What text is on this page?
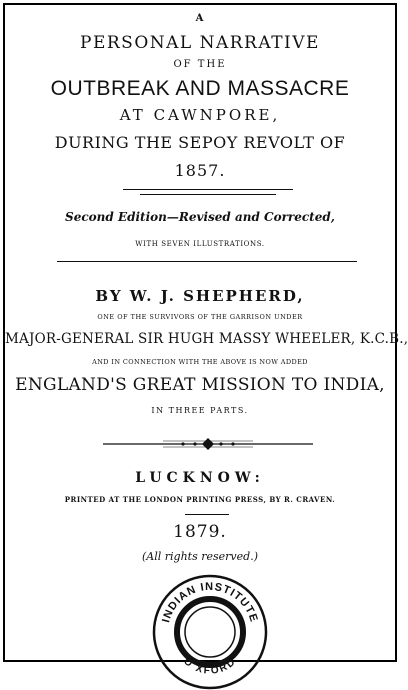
A
PERSONAL NARRATIVE
OF THE
OUTBREAK AND MASSACRE
AT CAWNPORE,
DURING THE SEPOY REVOLT OF
1857.
Second Edition—Revised and Corrected,
WITH SEVEN ILLUSTRATIONS.
BY W. J. SHEPHERD,
ONE OF THE SURVIVORS OF THE GARRISON UNDER
MAJOR-GENERAL SIR HUGH MASSY WHEELER, K.C.B.,
AND IN CONNECTION WITH THE ABOVE IS NOW ADDED
ENGLAND'S GREAT MISSION TO INDIA,
IN THREE PARTS.
LUCKNOW:
PRINTED AT THE LONDON PRINTING PRESS, BY R. CRAVEN.
1879.
(All rights reserved.)
INDIAN INSTITUTE
O XFORD
